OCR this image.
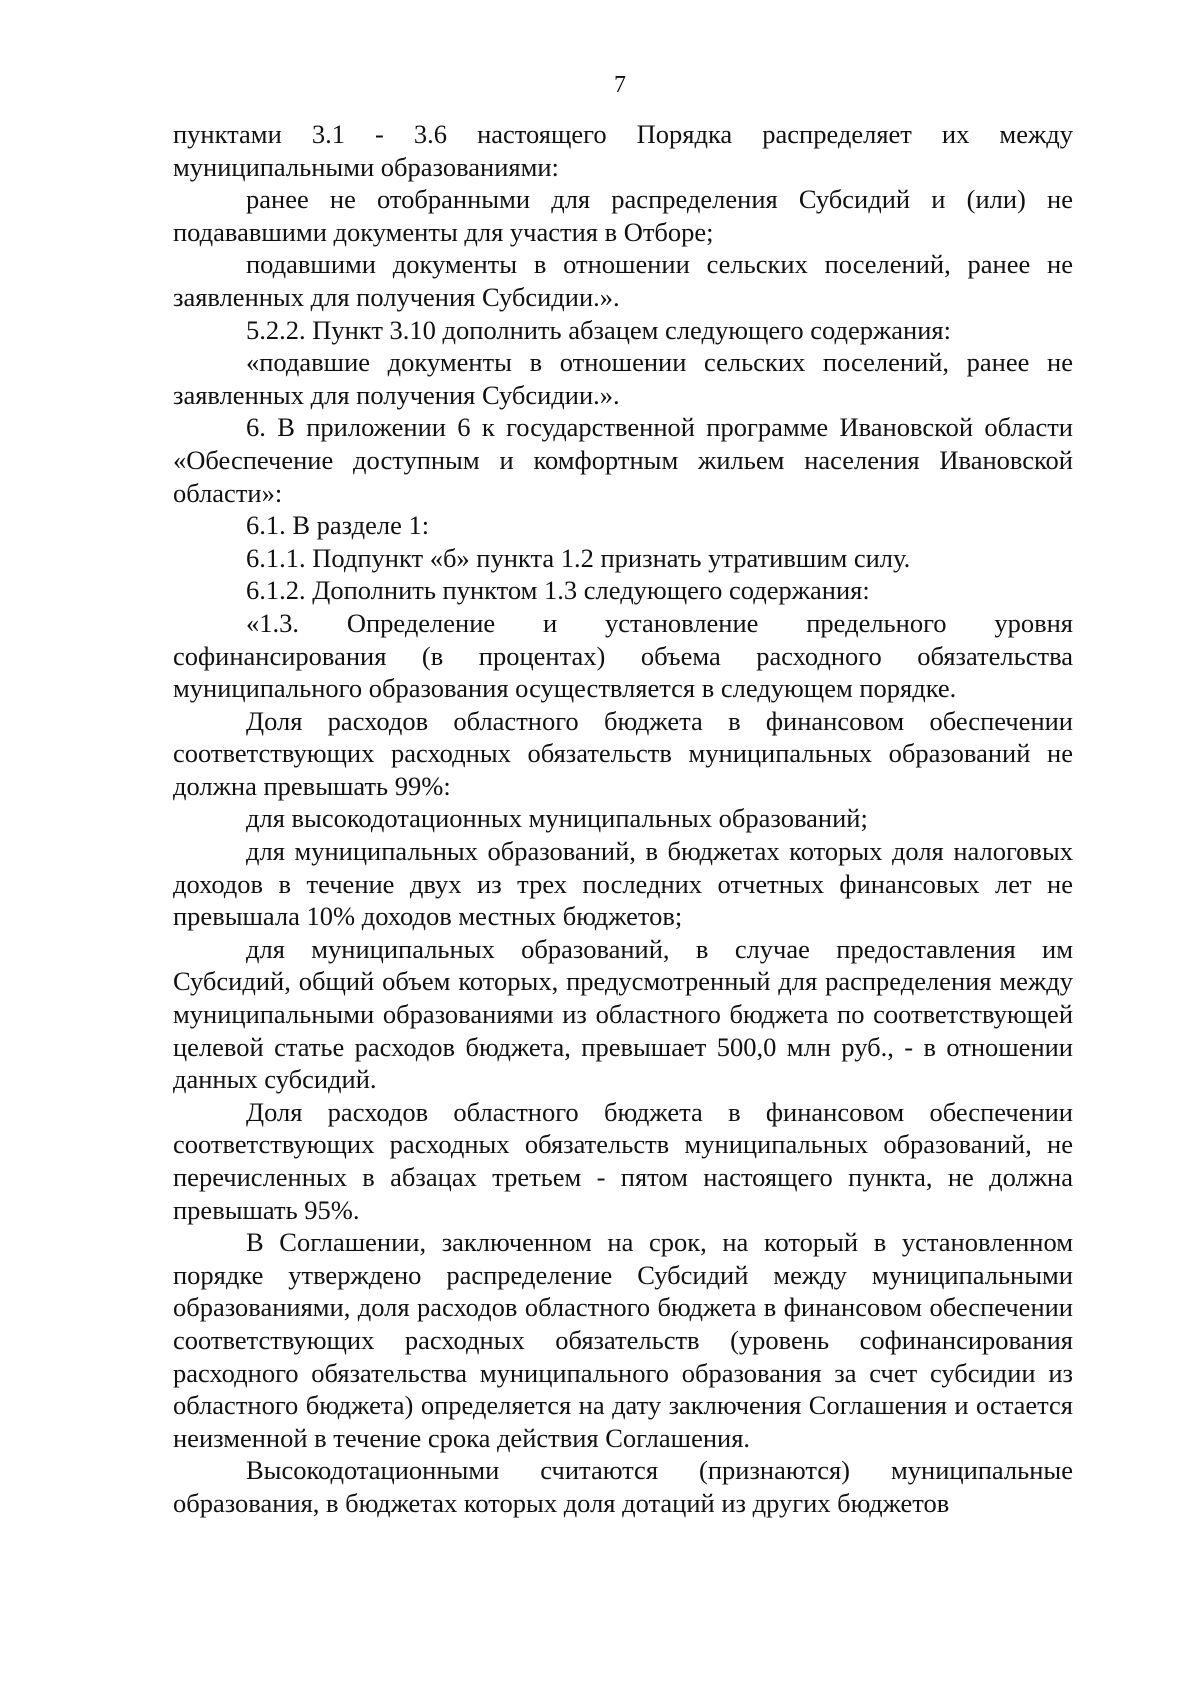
7

пунктами 3.1 - 3.6 настоящего Порядка распределяет их между муниципальными образованиями:

ранее не отобранными для распределения Субсидий и (или) не подававшими документы для участия в Отборе;

подавшими документы в отношении сельских поселений, ранее не заявленных для получения Субсидии.».

5.2.2. Пункт 3.10 дополнить абзацем следующего содержания:

«подавшие документы в отношении сельских поселений, ранее не заявленных для получения Субсидии.».

6. В приложении 6 к государственной программе Ивановской области «Обеспечение доступным и комфортным жильем населения Ивановской области»:

6.1. В разделе 1:

6.1.1. Подпункт «б» пункта 1.2 признать утратившим силу.

6.1.2. Дополнить пунктом 1.3 следующего содержания:

«1.3. Определение и установление предельного уровня софинансирования (в процентах) объема расходного обязательства муниципального образования осуществляется в следующем порядке.

Доля расходов областного бюджета в финансовом обеспечении соответствующих расходных обязательств муниципальных образований не должна превышать 99%:

для высокодотационных муниципальных образований;

для муниципальных образований, в бюджетах которых доля налоговых доходов в течение двух из трех последних отчетных финансовых лет не превышала 10% доходов местных бюджетов;

для муниципальных образований, в случае предоставления им Субсидий, общий объем которых, предусмотренный для распределения между муниципальными образованиями из областного бюджета по соответствующей целевой статье расходов бюджета, превышает 500,0 млн руб., - в отношении данных субсидий.

Доля расходов областного бюджета в финансовом обеспечении соответствующих расходных обязательств муниципальных образований, не перечисленных в абзацах третьем - пятом настоящего пункта, не должна превышать 95%.

В Соглашении, заключенном на срок, на который в установленном порядке утверждено распределение Субсидий между муниципальными образованиями, доля расходов областного бюджета в финансовом обеспечении соответствующих расходных обязательств (уровень софинансирования расходного обязательства муниципального образования за счет субсидии из областного бюджета) определяется на дату заключения Соглашения и остается неизменной в течение срока действия Соглашения.

Высокодотационными считаются (признаются) муниципальные образования, в бюджетах которых доля дотаций из других бюджетов
